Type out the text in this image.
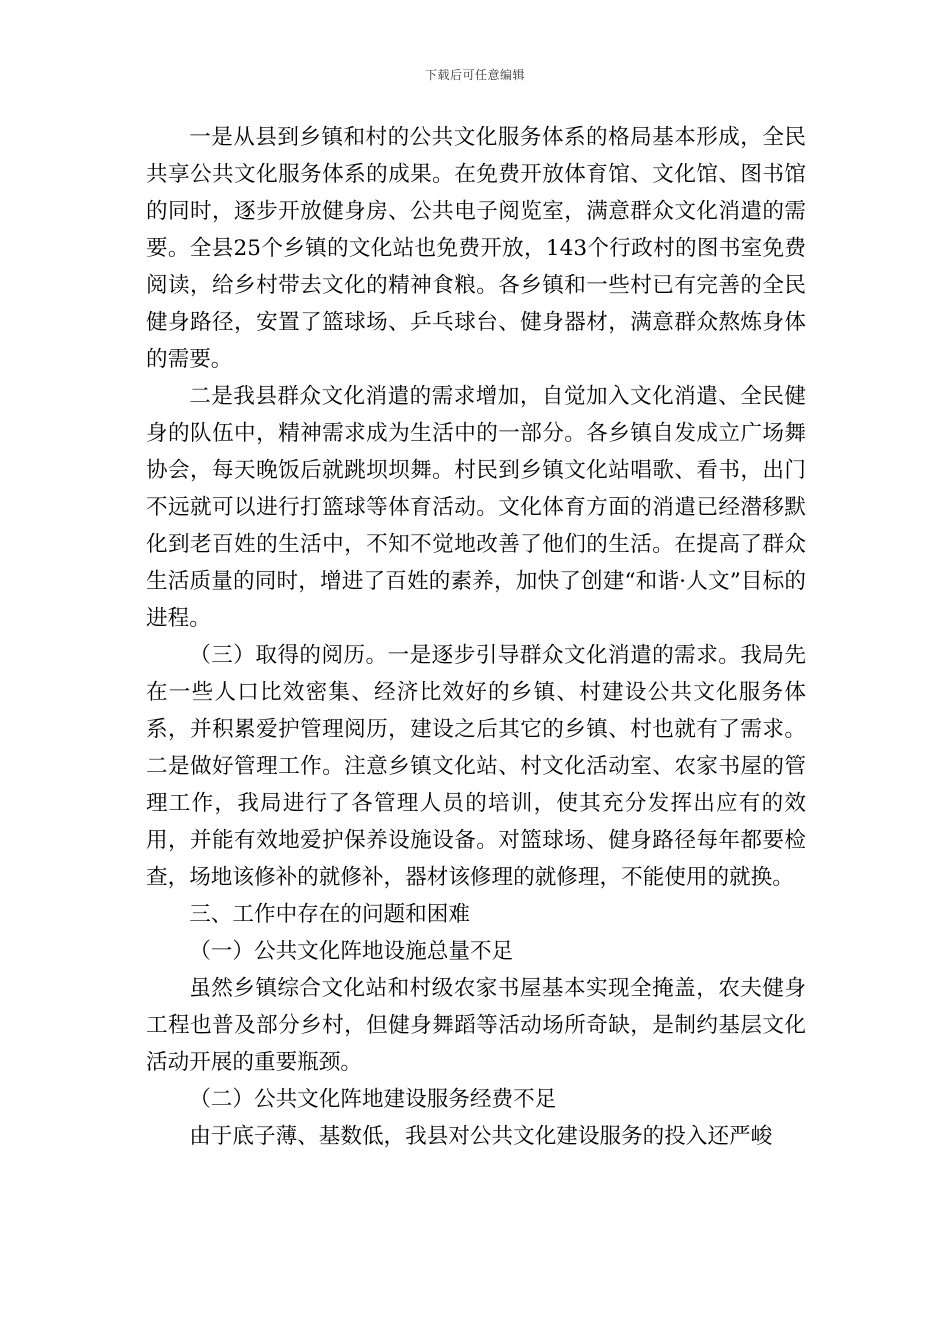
下载后可任意编辑

一是从县到乡镇和村的公共文化服务体系的格局基本形成，全民共享公共文化服务体系的成果。在免费开放体育馆、文化馆、图书馆的同时，逐步开放健身房、公共电子阅览室，满意群众文化消遣的需要。全县25个乡镇的文化站也免费开放，143个行政村的图书室免费阅读，给乡村带去文化的精神食粮。各乡镇和一些村已有完善的全民健身路径，安置了篮球场、乒乓球台、健身器材，满意群众熬炼身体的需要。

二是我县群众文化消遣的需求增加，自觉加入文化消遣、全民健身的队伍中，精神需求成为生活中的一部分。各乡镇自发成立广场舞协会，每天晚饭后就跳坝坝舞。村民到乡镇文化站唱歌、看书，出门不远就可以进行打篮球等体育活动。文化体育方面的消遣已经潜移默化到老百姓的生活中，不知不觉地改善了他们的生活。在提高了群众生活质量的同时，增进了百姓的素养，加快了创建“和谐·人文”目标的进程。

（三）取得的阅历。一是逐步引导群众文化消遣的需求。我局先在一些人口比效密集、经济比效好的乡镇、村建设公共文化服务体系，并积累爱护管理阅历，建设之后其它的乡镇、村也就有了需求。二是做好管理工作。注意乡镇文化站、村文化活动室、农家书屋的管理工作，我局进行了各管理人员的培训，使其充分发挥出应有的效用，并能有效地爱护保养设施设备。对篮球场、健身路径每年都要检查，场地该修补的就修补，器材该修理的就修理，不能使用的就换。

三、工作中存在的问题和困难

（一）公共文化阵地设施总量不足

虽然乡镇综合文化站和村级农家书屋基本实现全掩盖，农夫健身工程也普及部分乡村，但健身舞蹈等活动场所奇缺，是制约基层文化活动开展的重要瓶颈。

（二）公共文化阵地建设服务经费不足

由于底子薄、基数低，我县对公共文化建设服务的投入还严峻
